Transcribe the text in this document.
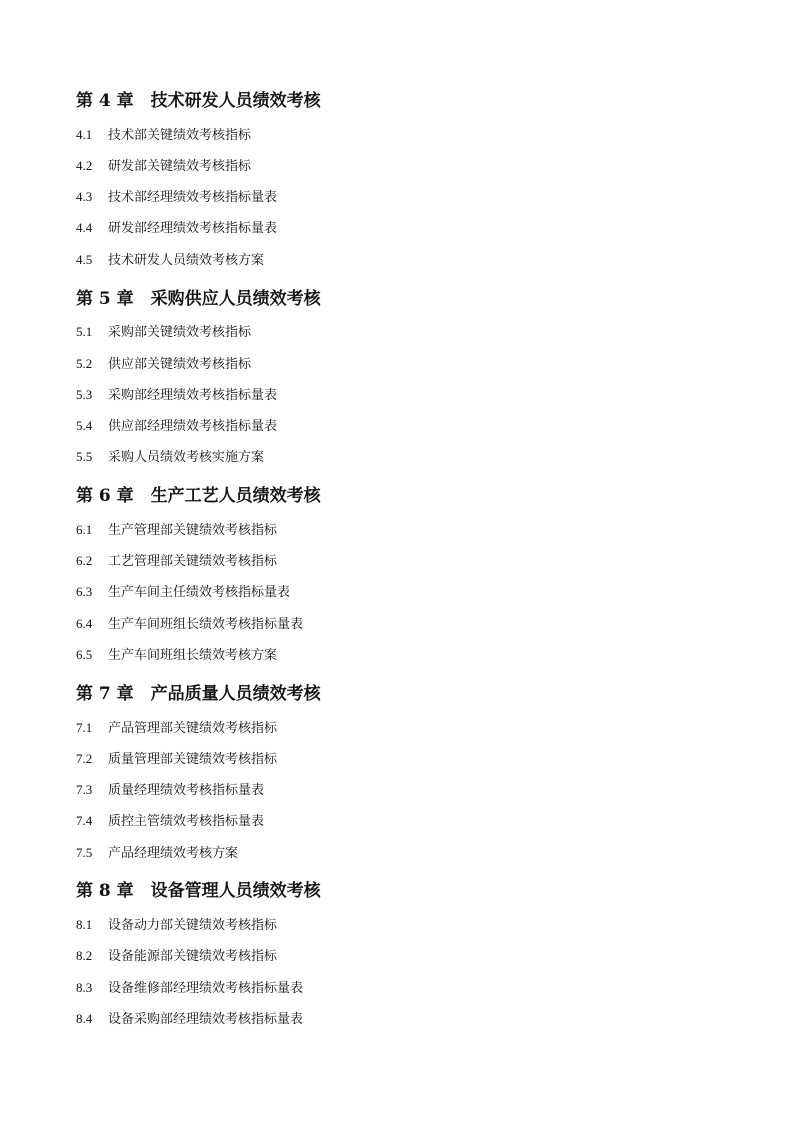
第 4 章　技术研发人员绩效考核
4.1 技术部关键绩效考核指标
4.2 研发部关键绩效考核指标
4.3 技术部经理绩效考核指标量表
4.4 研发部经理绩效考核指标量表
4.5 技术研发人员绩效考核方案
第 5 章　采购供应人员绩效考核
5.1 采购部关键绩效考核指标
5.2 供应部关键绩效考核指标
5.3 采购部经理绩效考核指标量表
5.4 供应部经理绩效考核指标量表
5.5 采购人员绩效考核实施方案
第 6 章　生产工艺人员绩效考核
6.1 生产管理部关键绩效考核指标
6.2 工艺管理部关键绩效考核指标
6.3 生产车间主任绩效考核指标量表
6.4 生产车间班组长绩效考核指标量表
6.5 生产车间班组长绩效考核方案
第 7 章　产品质量人员绩效考核
7.1 产品管理部关键绩效考核指标
7.2 质量管理部关键绩效考核指标
7.3 质量经理绩效考核指标量表
7.4 质控主管绩效考核指标量表
7.5 产品经理绩效考核方案
第 8 章　设备管理人员绩效考核
8.1 设备动力部关键绩效考核指标
8.2 设备能源部关键绩效考核指标
8.3 设备维修部经理绩效考核指标量表
8.4 设备采购部经理绩效考核指标量表
